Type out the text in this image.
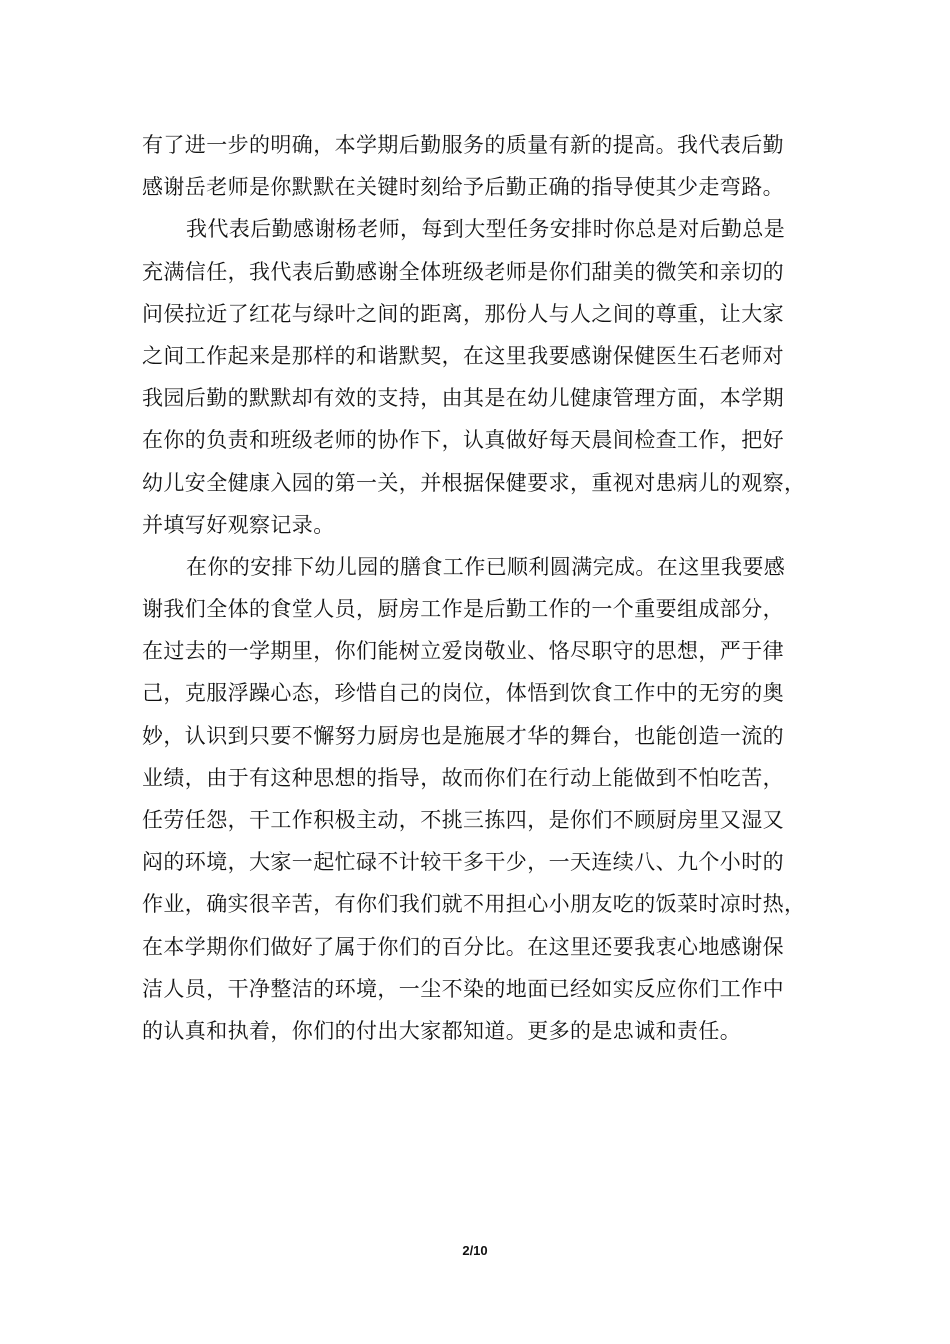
有了进一步的明确，本学期后勤服务的质量有新的提高。我代表后勤
感谢岳老师是你默默在关键时刻给予后勤正确的指导使其少走弯路。
我代表后勤感谢杨老师，每到大型任务安排时你总是对后勤总是
充满信任，我代表后勤感谢全体班级老师是你们甜美的微笑和亲切的
问侯拉近了红花与绿叶之间的距离，那份人与人之间的尊重，让大家
之间工作起来是那样的和谐默契，在这里我要感谢保健医生石老师对
我园后勤的默默却有效的支持，由其是在幼儿健康管理方面，本学期
在你的负责和班级老师的协作下，认真做好每天晨间检查工作，把好
幼儿安全健康入园的第一关，并根据保健要求，重视对患病儿的观察，
并填写好观察记录。
在你的安排下幼儿园的膳食工作已顺利圆满完成。在这里我要感
谢我们全体的食堂人员，厨房工作是后勤工作的一个重要组成部分，
在过去的一学期里，你们能树立爱岗敬业、恪尽职守的思想，严于律
己，克服浮躁心态，珍惜自己的岗位，体悟到饮食工作中的无穷的奥
妙，认识到只要不懈努力厨房也是施展才华的舞台，也能创造一流的
业绩，由于有这种思想的指导，故而你们在行动上能做到不怕吃苦，
任劳任怨，干工作积极主动，不挑三拣四，是你们不顾厨房里又湿又
闷的环境，大家一起忙碌不计较干多干少，一天连续八、九个小时的
作业，确实很辛苦，有你们我们就不用担心小朋友吃的饭菜时凉时热，
在本学期你们做好了属于你们的百分比。在这里还要我衷心地感谢保
洁人员，干净整洁的环境，一尘不染的地面已经如实反应你们工作中
的认真和执着，你们的付出大家都知道。更多的是忠诚和责任。
2/10
